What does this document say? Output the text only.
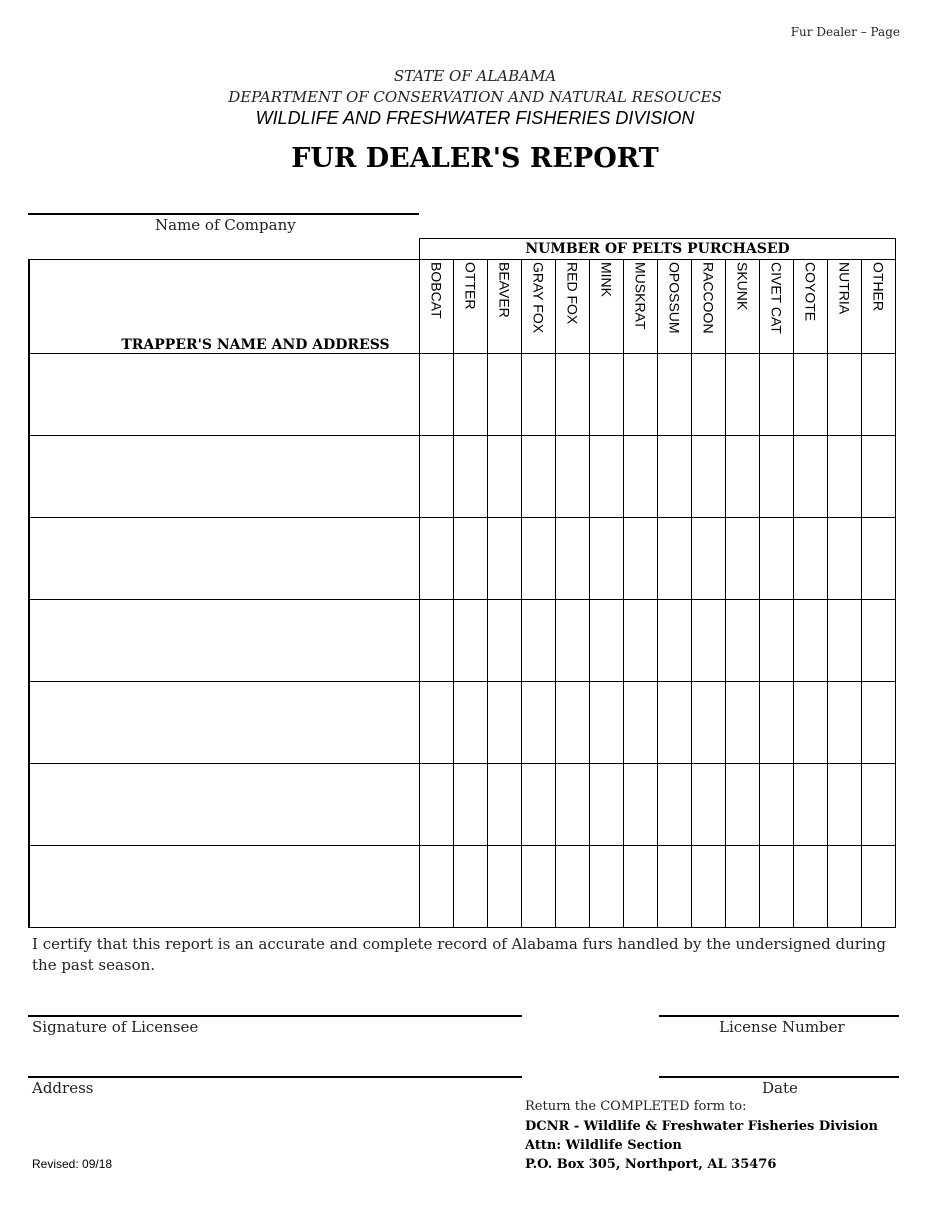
Fur Dealer – Page
STATE OF ALABAMA
DEPARTMENT OF CONSERVATION AND NATURAL RESOUCES
WILDLIFE AND FRESHWATER FISHERIES DIVISION
FUR DEALER'S REPORT
Name of Company
	NUMBER OF PELTS PURCHASED													

TRAPPER'S NAME AND ADDRESS	BOBCAT	OTTER	BEAVER	GRAY FOX	RED FOX	MINK	MUSKRAT	OPOSSUM	RACCOON	SKUNK	CIVET CAT	COYOTE	NUTRIA	OTHER

I certify that this report is an accurate and complete record of Alabama furs handled by the undersigned during the past season.
Signature of Licensee	License Number
Address	Date
Return the COMPLETED form to:
DCNR - Wildlife & Freshwater Fisheries Division
Attn: Wildlife Section
P.O. Box 305, Northport, AL 35476
Revised: 09/18
